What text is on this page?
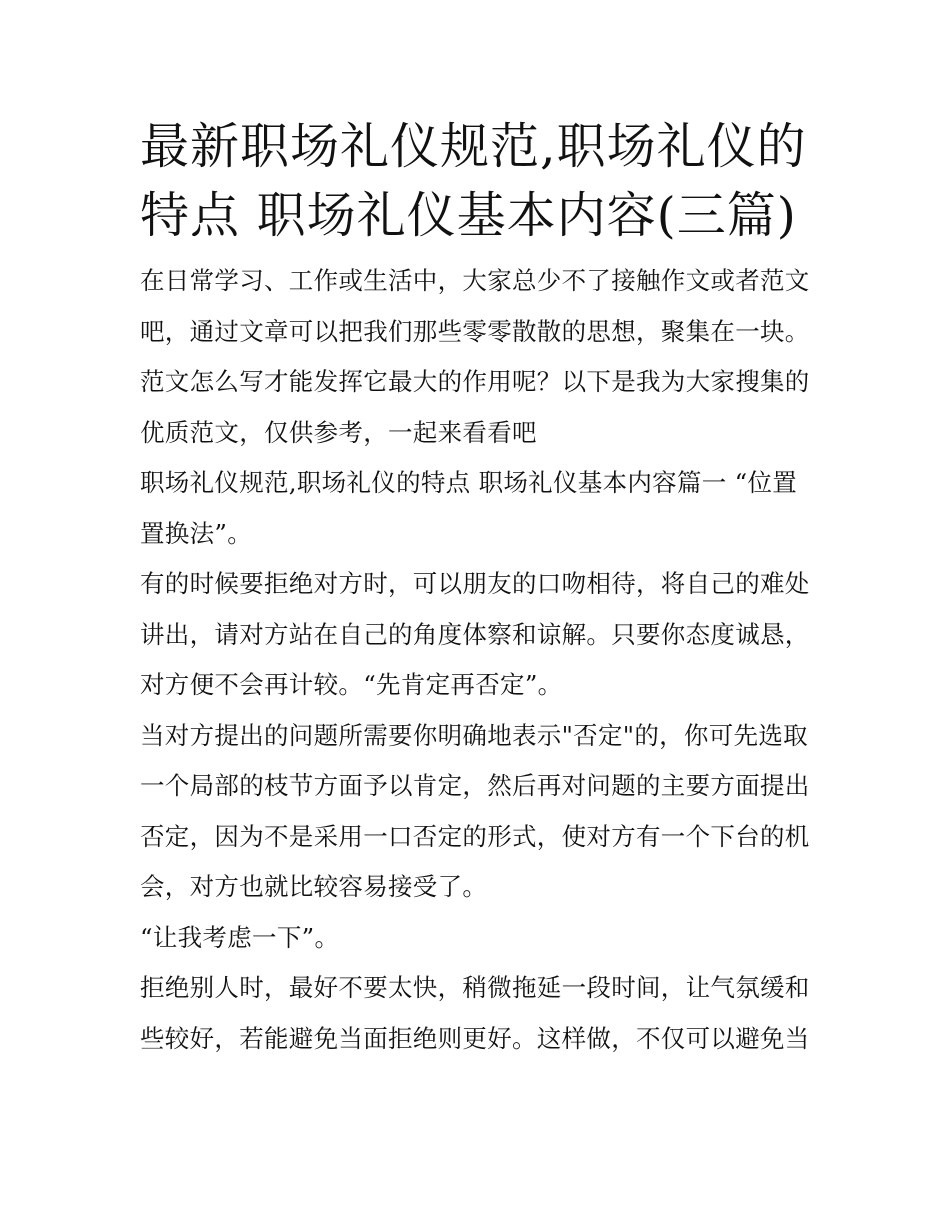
最新职场礼仪规范,职场礼仪的
特点 职场礼仪基本内容(三篇)

在日常学习、工作或生活中，大家总少不了接触作文或者范文
吧，通过文章可以把我们那些零零散散的思想，聚集在一块。
范文怎么写才能发挥它最大的作用呢？以下是我为大家搜集的
优质范文，仅供参考，一起来看看吧

职场礼仪规范,职场礼仪的特点 职场礼仪基本内容篇一 “位置
置换法”。

有的时候要拒绝对方时，可以朋友的口吻相待，将自己的难处
讲出，请对方站在自己的角度体察和谅解。只要你态度诚恳，
对方便不会再计较。“先肯定再否定”。

当对方提出的问题所需要你明确地表示"否定"的，你可先选取
一个局部的枝节方面予以肯定，然后再对问题的主要方面提出
否定，因为不是采用一口否定的形式，使对方有一个下台的机
会，对方也就比较容易接受了。

“让我考虑一下”。

拒绝别人时，最好不要太快，稍微拖延一段时间，让气氛缓和
些较好，若能避免当面拒绝则更好。这样做，不仅可以避免当
